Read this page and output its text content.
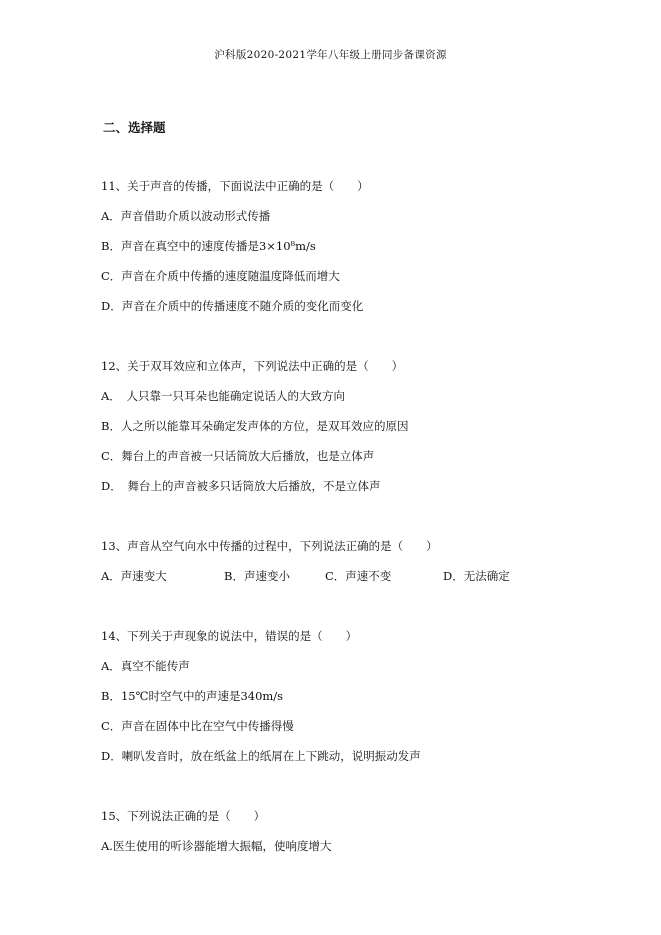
沪科版2020-2021学年八年级上册同步备课资源
二、选择题
11、关于声音的传播，下面说法中正确的是（　　）
A．声音借助介质以波动形式传播
B．声音在真空中的速度传播是3×10⁸m/s
C．声音在介质中传播的速度随温度降低而增大
D．声音在介质中的传播速度不随介质的变化而变化
12、关于双耳效应和立体声，下列说法中正确的是（　　）
A．　人只靠一只耳朵也能确定说话人的大致方向
B．人之所以能靠耳朵确定发声体的方位，是双耳效应的原因
C．舞台上的声音被一只话筒放大后播放，也是立体声
D．　舞台上的声音被多只话筒放大后播放，不是立体声
13、声音从空气向水中传播的过程中，下列说法正确的是（　　）
A．声速变大	B．声速变小	C．声速不变	D．无法确定
14、下列关于声现象的说法中，错误的是（　　）
A．真空不能传声
B．15℃时空气中的声速是340m/s
C．声音在固体中比在空气中传播得慢
D．喇叭发音时，放在纸盆上的纸屑在上下跳动，说明振动发声
15、下列说法正确的是（　　）
A.医生使用的听诊器能增大振幅，使响度增大
